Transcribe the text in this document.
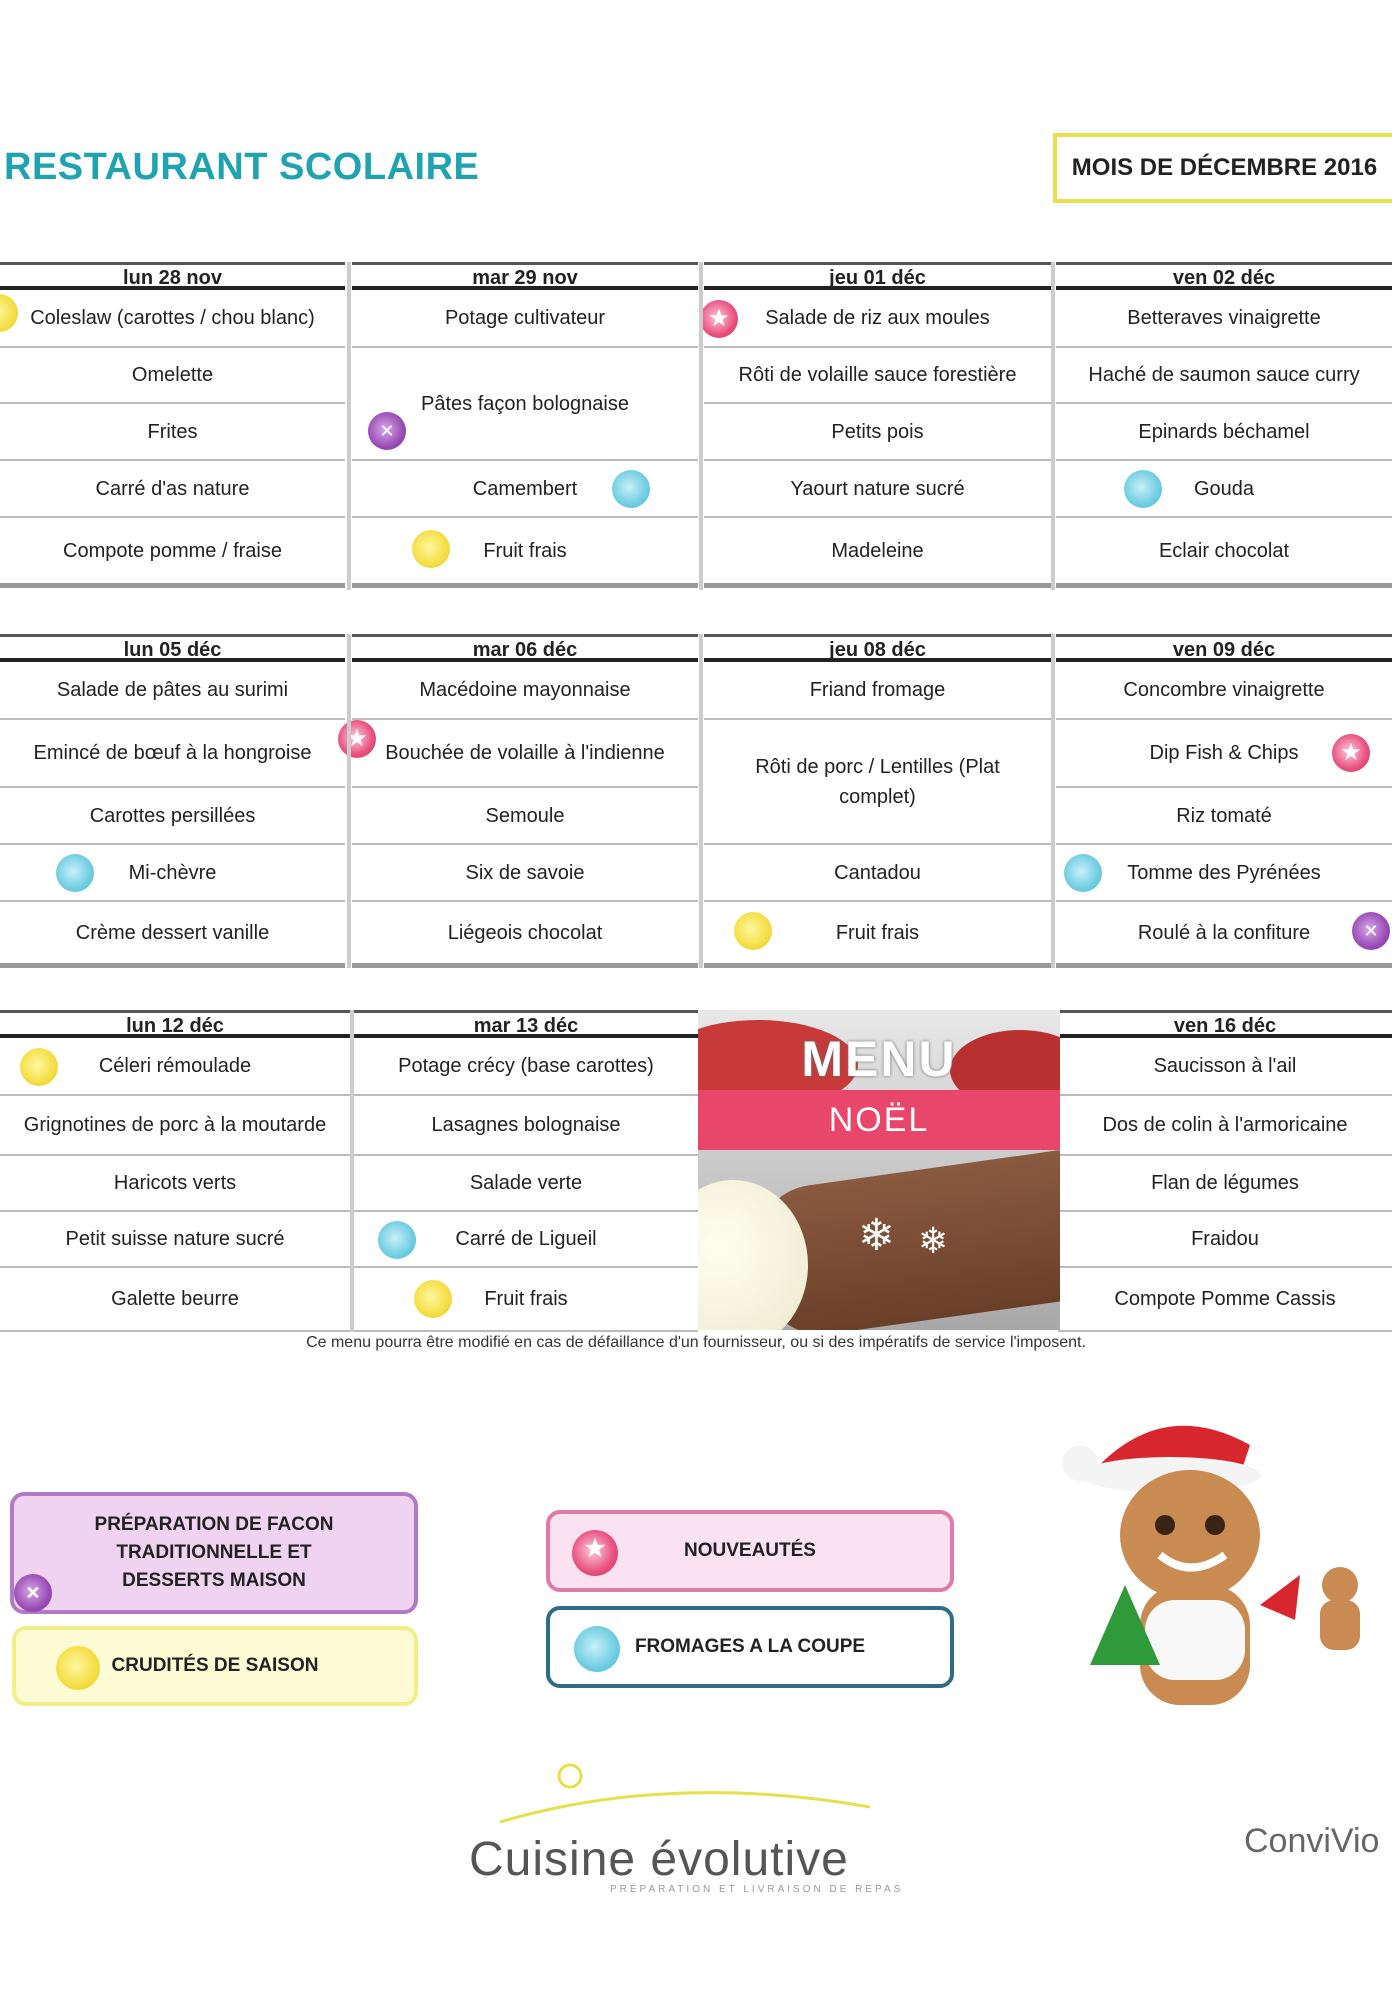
RESTAURANT SCOLAIRE	MOIS DE DÉCEMBRE 2016
lun 28 nov
Coleslaw (carottes / chou blanc)
Omelette
Frites
Carré d'as nature
Compote pomme / fraise
mar 29 nov
Potage cultivateur
✕
Pâtes façon bolognaise
Camembert
Fruit frais
jeu 01 déc
★
Salade de riz aux moules
Rôti de volaille sauce forestière
Petits pois
Yaourt nature sucré
Madeleine
ven 02 déc
Betteraves vinaigrette
Haché de saumon sauce curry
Epinards béchamel
Gouda
Eclair chocolat
lun 05 déc
Salade de pâtes au surimi
Emincé de bœuf à la hongroise
Carottes persillées
Mi-chèvre
Crème dessert vanille
mar 06 déc
Macédoine mayonnaise
★
Bouchée de volaille à l'indienne
Semoule
Six de savoie
Liégeois chocolat
jeu 08 déc
Friand fromage
Rôti de porc / Lentilles (Plat complet)
Cantadou
Fruit frais
ven 09 déc
Concombre vinaigrette
Dip Fish & Chips
★
Riz tomaté
Tomme des Pyrénées
Roulé à la confiture
✕
lun 12 déc
Céleri rémoulade
Grignotines de porc à la moutarde
Haricots verts
Petit suisse nature sucré
Galette beurre
mar 13 déc
Potage crécy (base carottes)
Lasagnes bolognaise
Salade verte
Carré de Ligueil
Fruit frais
ven 16 déc
Saucisson à l'ail
Dos de colin à l'armoricaine
Flan de légumes
Fraidou
Compote Pomme Cassis
❄ ❄
NOËL
MENU
Ce menu pourra être modifié en cas de défaillance d'un fournisseur, ou si des impératifs de service l'imposent.
✕
PRÉPARATION DE FACON TRADITIONNELLE ET DESSERTS MAISON
CRUDITÉS DE SAISON
★
NOUVEAUTÉS
FROMAGES A LA COUPE
Cuisine évolutive
PRÉPARATION ET LIVRAISON DE REPAS
ConviVio
